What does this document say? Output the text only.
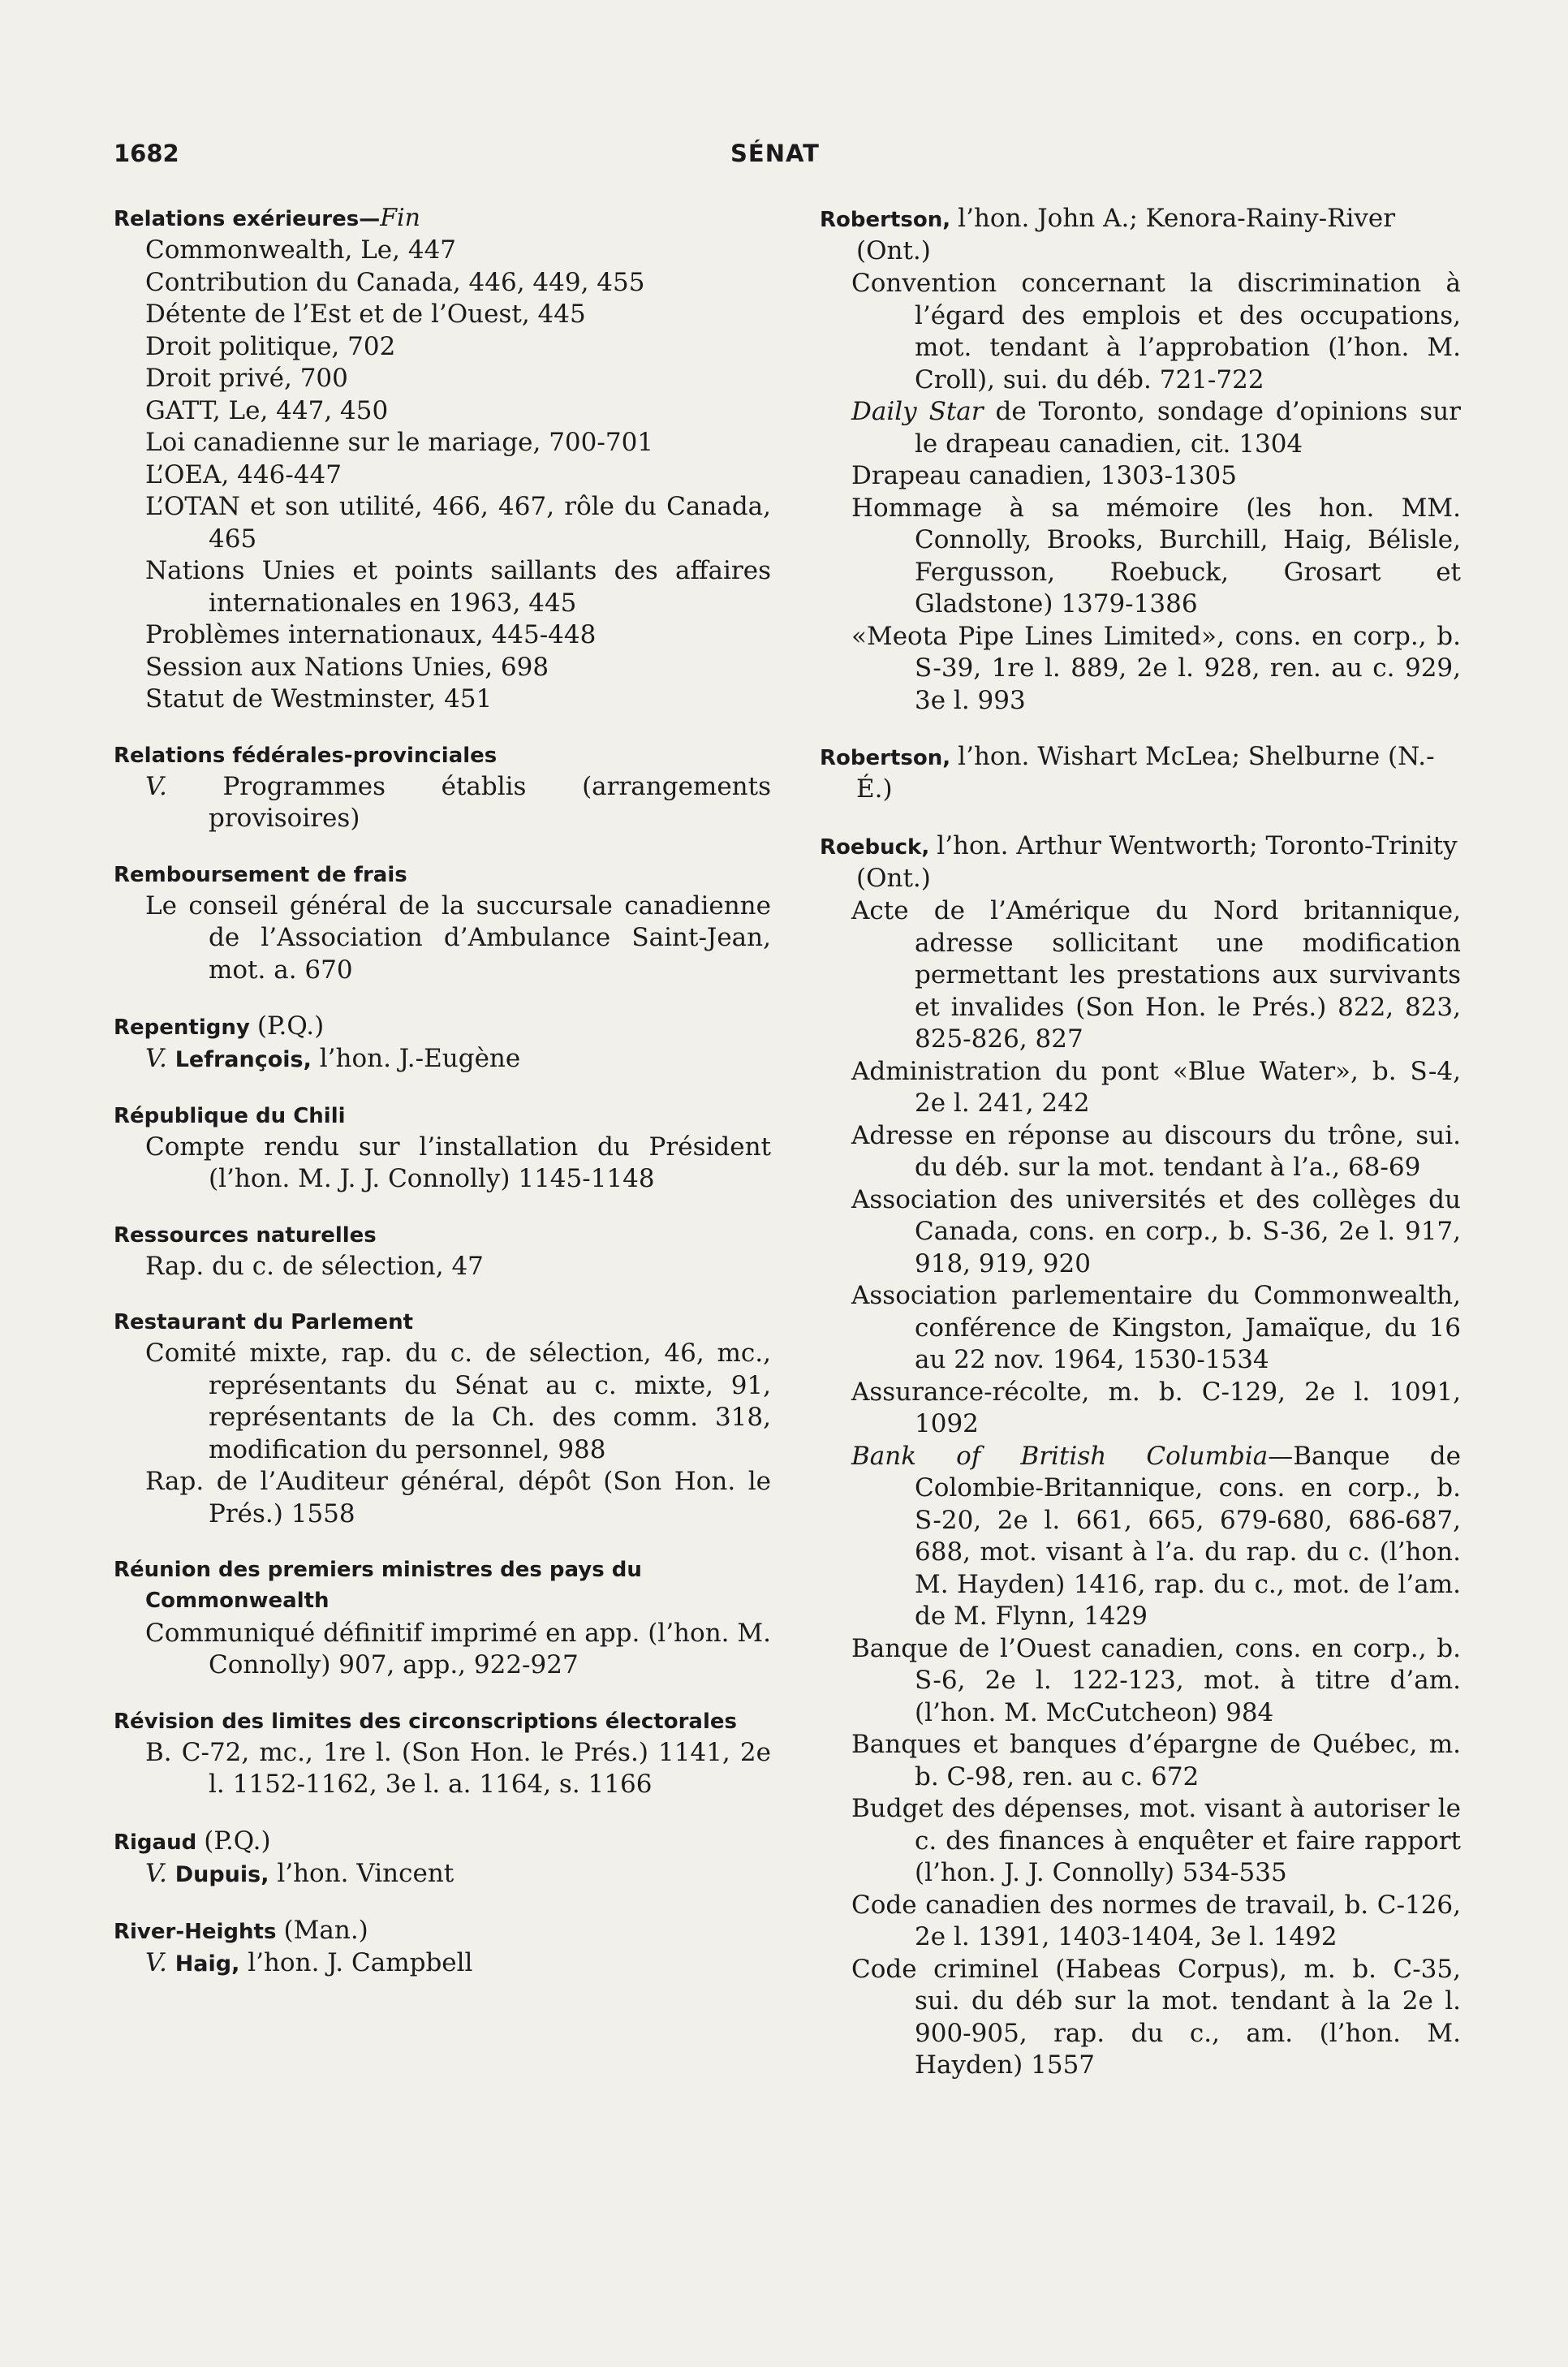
1682	SÉNAT
Relations exérieures—Fin
Commonwealth, Le, 447
Contribution du Canada, 446, 449, 455
Détente de l’Est et de l’Ouest, 445
Droit politique, 702
Droit privé, 700
GATT, Le, 447, 450
Loi canadienne sur le mariage, 700-701
L’OEA, 446-447
L’OTAN et son utilité, 466, 467, rôle du Canada, 465
Nations Unies et points saillants des affaires internationales en 1963, 445
Problèmes internationaux, 445-448
Session aux Nations Unies, 698
Statut de Westminster, 451
Relations fédérales-provinciales
V. Programmes établis (arrangements provisoires)
Remboursement de frais
Le conseil général de la succursale canadienne de l’Association d’Ambulance Saint-Jean, mot. a. 670
Repentigny (P.Q.)
V. Lefrançois, l’hon. J.-Eugène
République du Chili
Compte rendu sur l’installation du Président (l’hon. M. J. J. Connolly) 1145-1148
Ressources naturelles
Rap. du c. de sélection, 47
Restaurant du Parlement
Comité mixte, rap. du c. de sélection, 46, mc., représentants du Sénat au c. mixte, 91, représentants de la Ch. des comm. 318, modification du personnel, 988
Rap. de l’Auditeur général, dépôt (Son Hon. le Prés.) 1558
Réunion des premiers ministres des pays du
Commonwealth
Communiqué définitif imprimé en app. (l’hon. M. Connolly) 907, app., 922-927
Révision des limites des circonscriptions électorales
B. C-72, mc., 1re l. (Son Hon. le Prés.) 1141, 2e l. 1152-1162, 3e l. a. 1164, s. 1166
Rigaud (P.Q.)
V. Dupuis, l’hon. Vincent
River-Heights (Man.)
V. Haig, l’hon. J. Campbell
Robertson, l’hon. John A.; Kenora-Rainy-River (Ont.)
Convention concernant la discrimination à l’égard des emplois et des occupations, mot. tendant à l’approbation (l’hon. M. Croll), sui. du déb. 721-722
Daily Star de Toronto, sondage d’opinions sur le drapeau canadien, cit. 1304
Drapeau canadien, 1303-1305
Hommage à sa mémoire (les hon. MM. Connolly, Brooks, Burchill, Haig, Bélisle, Fergusson, Roebuck, Grosart et Gladstone) 1379-1386
«Meota Pipe Lines Limited», cons. en corp., b. S-39, 1re l. 889, 2e l. 928, ren. au c. 929, 3e l. 993
Robertson, l’hon. Wishart McLea; Shelburne (N.-É.)
Roebuck, l’hon. Arthur Wentworth; Toronto-Trinity (Ont.)
Acte de l’Amérique du Nord britannique, adresse sollicitant une modification permettant les prestations aux survivants et invalides (Son Hon. le Prés.) 822, 823, 825-826, 827
Administration du pont «Blue Water», b. S-4, 2e l. 241, 242
Adresse en réponse au discours du trône, sui. du déb. sur la mot. tendant à l’a., 68-69
Association des universités et des collèges du Canada, cons. en corp., b. S-36, 2e l. 917, 918, 919, 920
Association parlementaire du Commonwealth, conférence de Kingston, Jamaïque, du 16 au 22 nov. 1964, 1530-1534
Assurance-récolte, m. b. C-129, 2e l. 1091, 1092
Bank of British Columbia—Banque de Colombie-Britannique, cons. en corp., b. S-20, 2e l. 661, 665, 679-680, 686-687, 688, mot. visant à l’a. du rap. du c. (l’hon. M. Hayden) 1416, rap. du c., mot. de l’am. de M. Flynn, 1429
Banque de l’Ouest canadien, cons. en corp., b. S-6, 2e l. 122-123, mot. à titre d’am. (l’hon. M. McCutcheon) 984
Banques et banques d’épargne de Québec, m. b. C-98, ren. au c. 672
Budget des dépenses, mot. visant à autoriser le c. des finances à enquêter et faire rapport (l’hon. J. J. Connolly) 534-535
Code canadien des normes de travail, b. C-126, 2e l. 1391, 1403-1404, 3e l. 1492
Code criminel (Habeas Corpus), m. b. C-35, sui. du déb sur la mot. tendant à la 2e l. 900-905, rap. du c., am. (l’hon. M. Hayden) 1557
